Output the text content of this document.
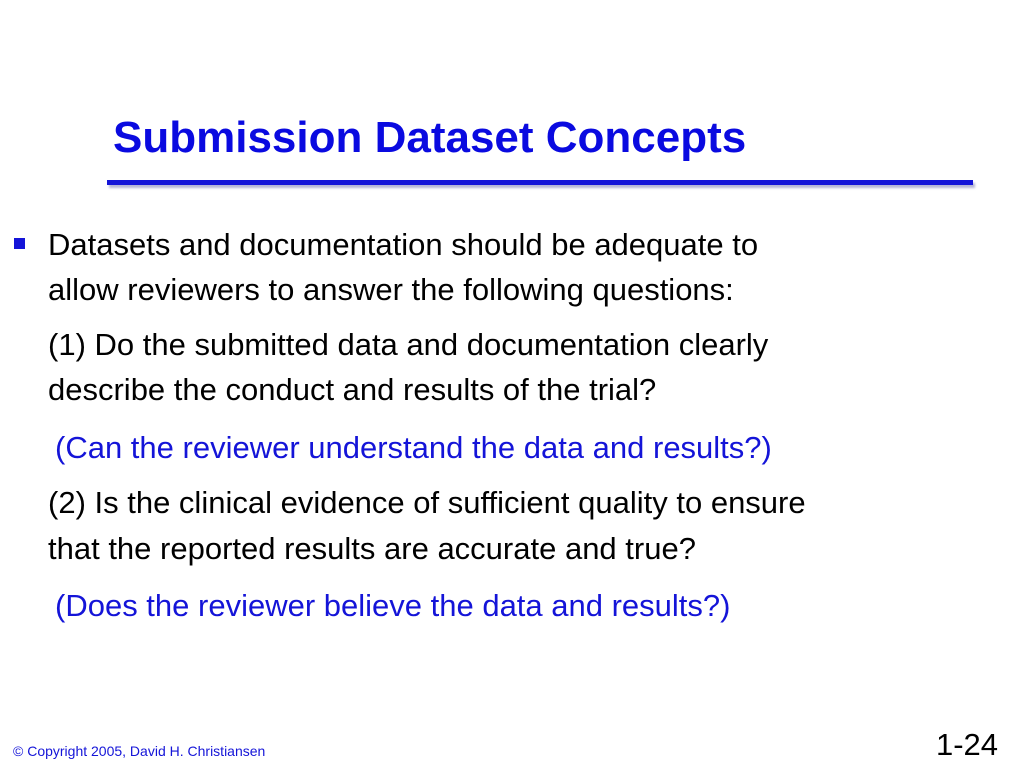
Submission Dataset Concepts
Datasets and documentation should be adequate to
allow reviewers to answer the following questions:
(1) Do the submitted data and documentation clearly
describe the conduct and results of the trial?
(Can the reviewer understand the data and results?)
(2) Is the clinical evidence of sufficient quality to ensure
that the reported results are accurate and true?
(Does the reviewer believe the data and results?)
© Copyright 2005, David H. Christiansen	1-24
